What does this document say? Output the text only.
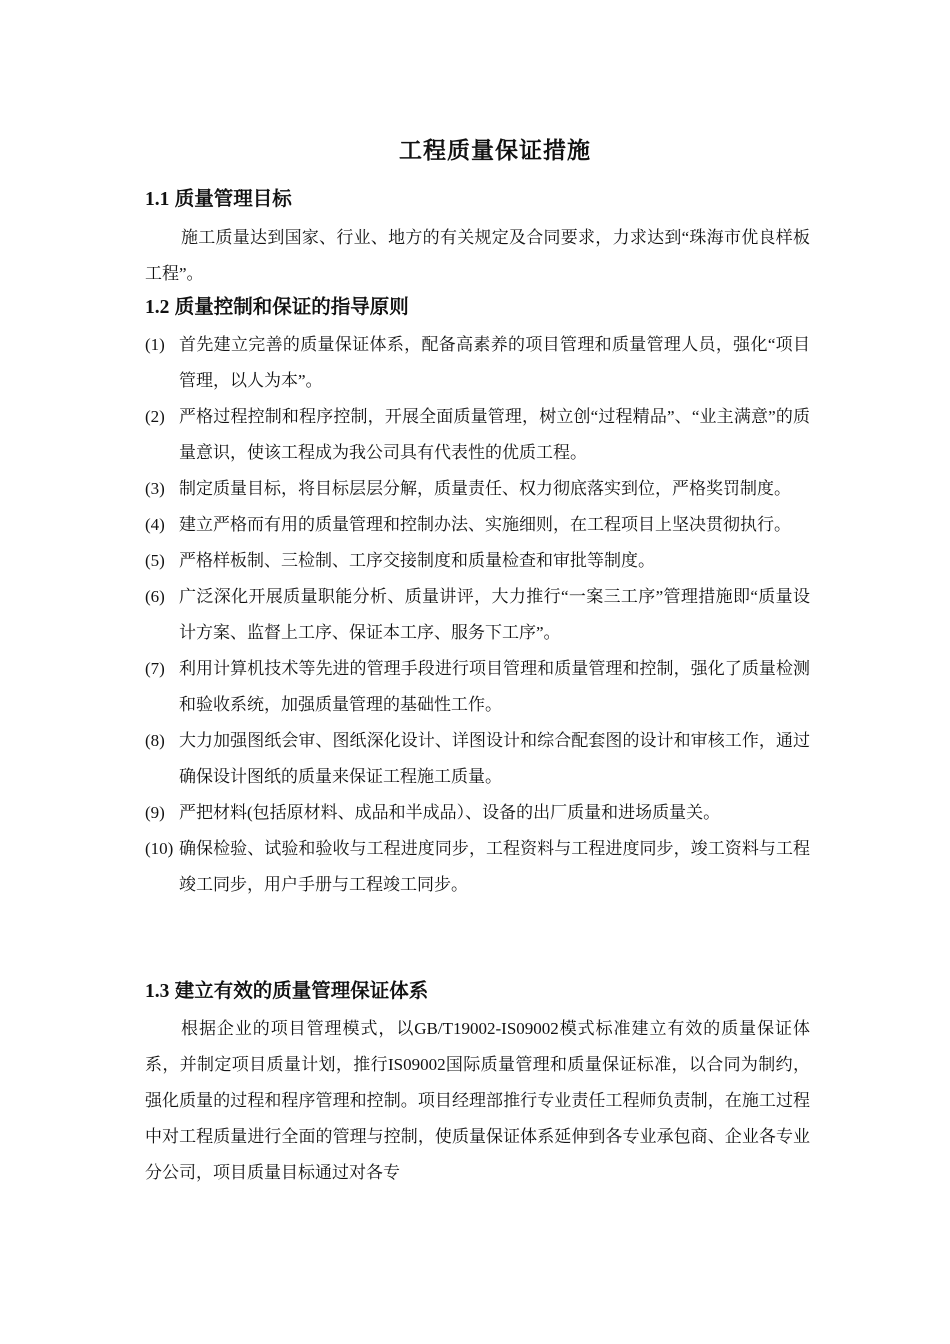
工程质量保证措施
1.1 质量管理目标
施工质量达到国家、行业、地方的有关规定及合同要求，力求达到“珠海市优良样板工程”。
1.2 质量控制和保证的指导原则
(1) 首先建立完善的质量保证体系，配备高素养的项目管理和质量管理人员，强化“项目管理，以人为本”。
(2) 严格过程控制和程序控制，开展全面质量管理，树立创“过程精品”、“业主满意”的质量意识，使该工程成为我公司具有代表性的优质工程。
(3) 制定质量目标，将目标层层分解，质量责任、权力彻底落实到位，严格奖罚制度。
(4) 建立严格而有用的质量管理和控制办法、实施细则，在工程项目上坚决贯彻执行。
(5) 严格样板制、三检制、工序交接制度和质量检查和审批等制度。
(6) 广泛深化开展质量职能分析、质量讲评，大力推行“一案三工序”管理措施即“质量设计方案、监督上工序、保证本工序、服务下工序”。
(7) 利用计算机技术等先进的管理手段进行项目管理和质量管理和控制，强化了质量检测和验收系统，加强质量管理的基础性工作。
(8) 大力加强图纸会审、图纸深化设计、详图设计和综合配套图的设计和审核工作，通过确保设计图纸的质量来保证工程施工质量。
(9) 严把材料(包括原材料、成品和半成品）、设备的出厂质量和进场质量关。
(10) 确保检验、试验和验收与工程进度同步，工程资料与工程进度同步，竣工资料与工程竣工同步，用户手册与工程竣工同步。
1.3 建立有效的质量管理保证体系
根据企业的项目管理模式，以GB/T19002-IS09002模式标准建立有效的质量保证体系，并制定项目质量计划，推行IS09002国际质量管理和质量保证标准，以合同为制约，强化质量的过程和程序管理和控制。项目经理部推行专业责任工程师负责制，在施工过程中对工程质量进行全面的管理与控制，使质量保证体系延伸到各专业承包商、企业各专业分公司，项目质量目标通过对各专
